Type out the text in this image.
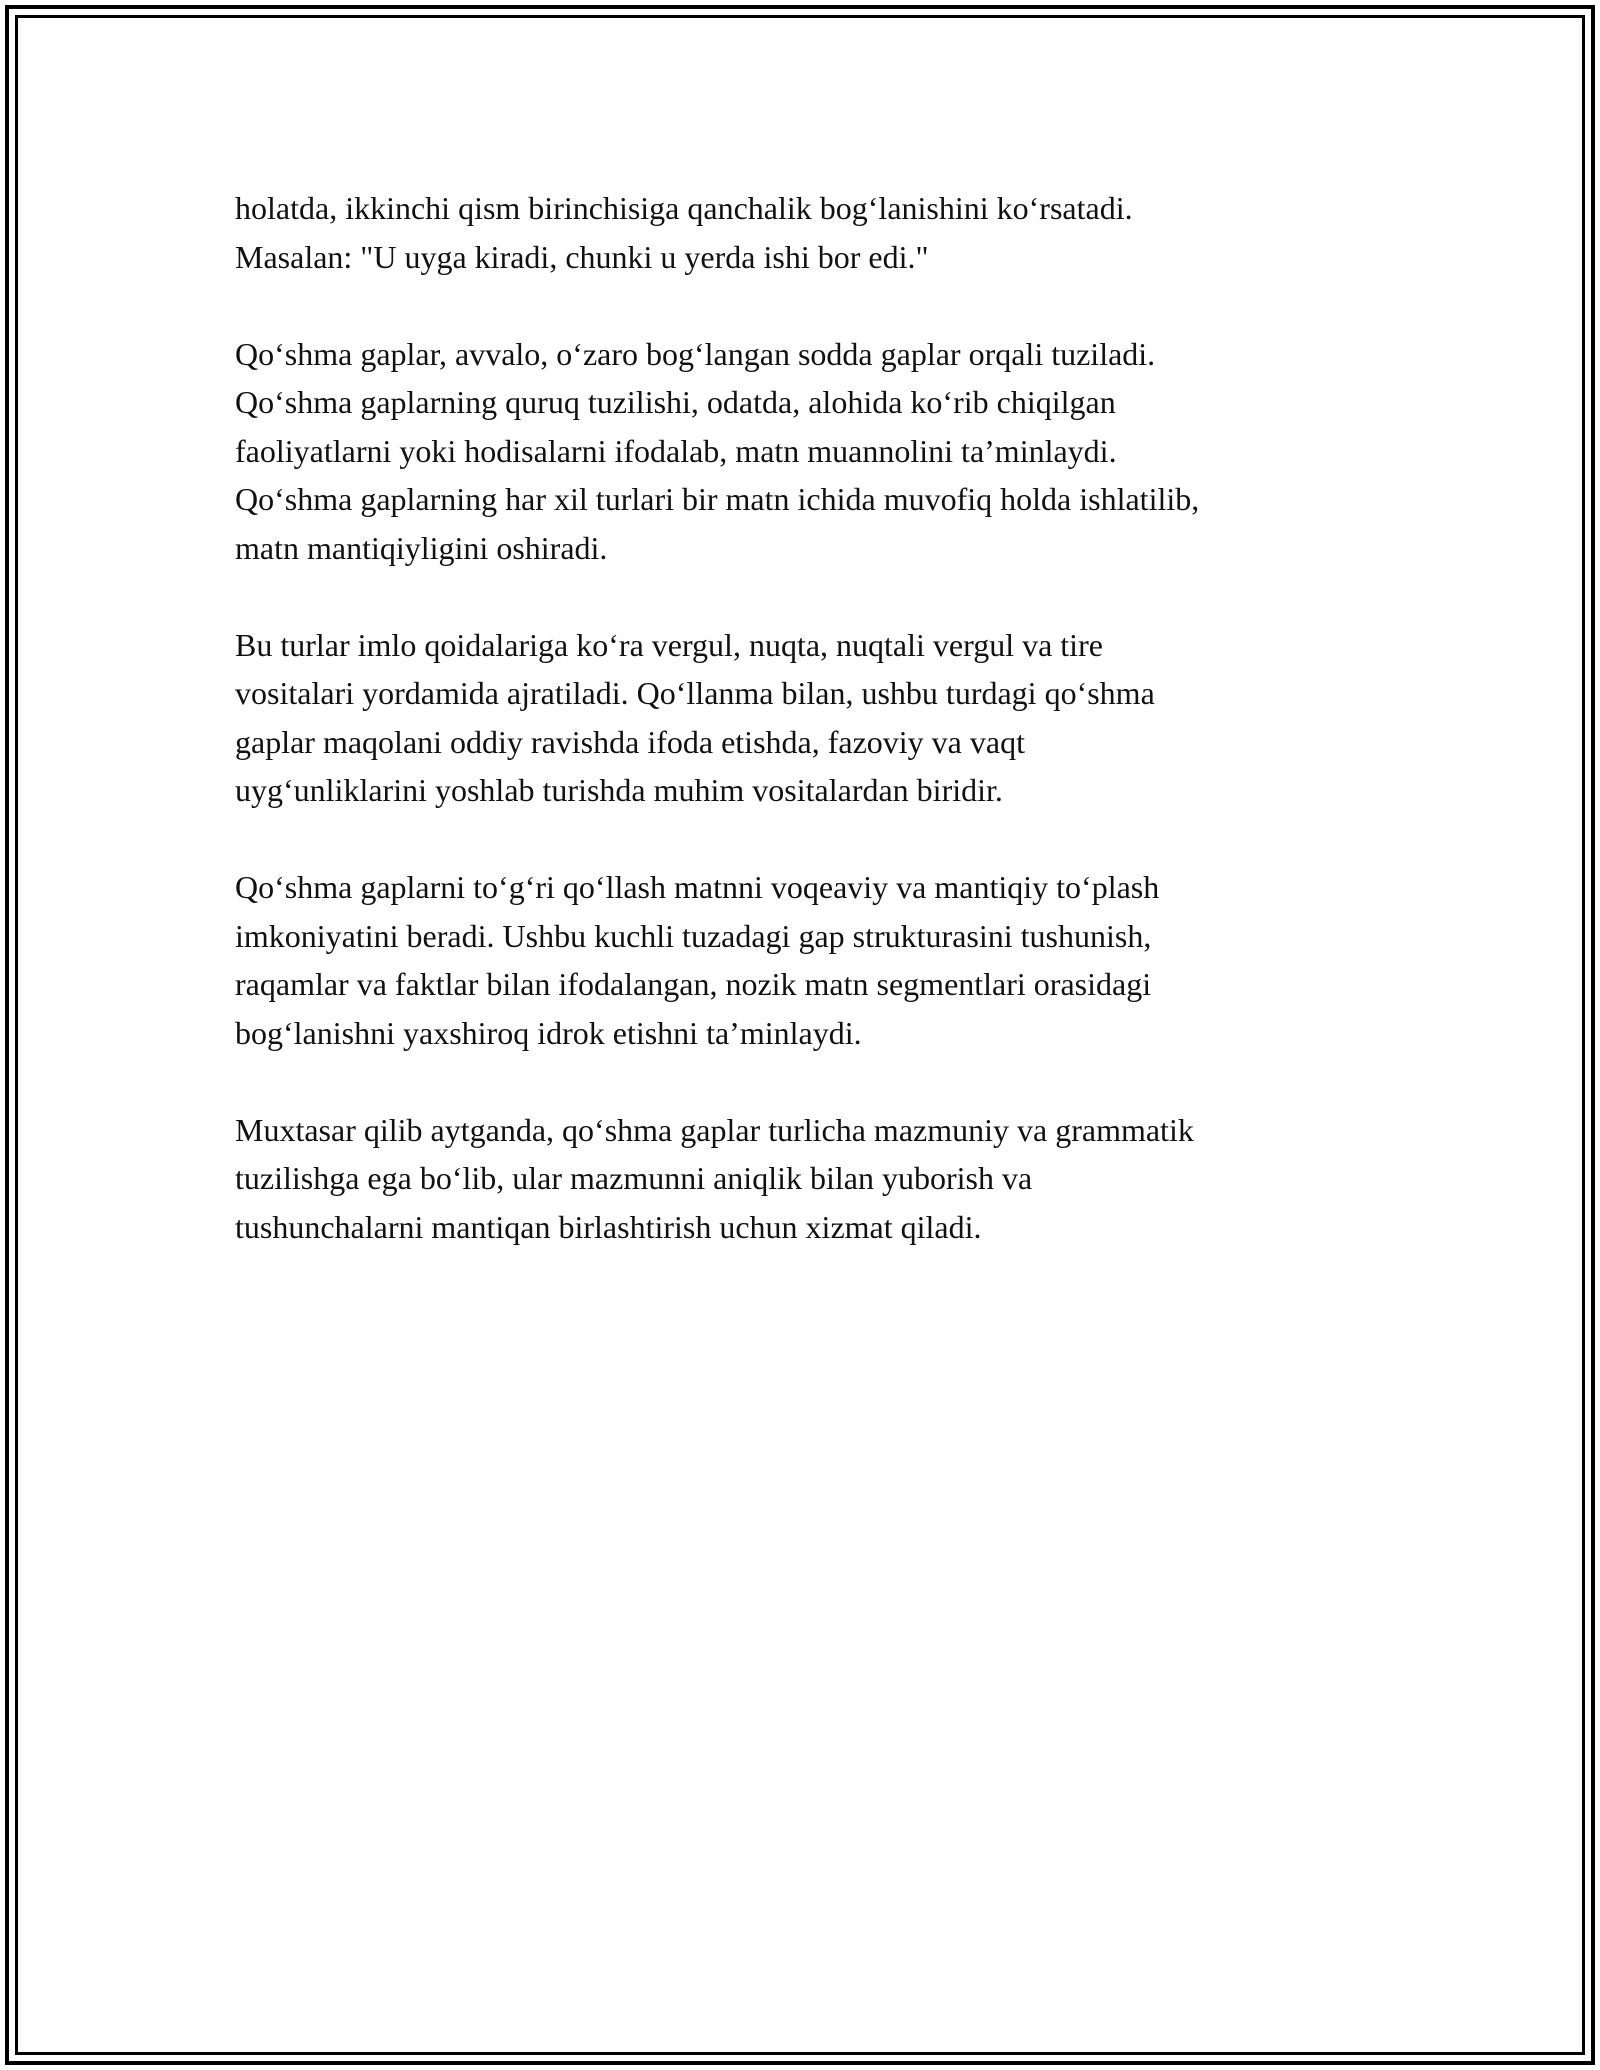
holatda, ikkinchi qism birinchisiga qanchalik bog‘lanishini ko‘rsatadi.
Masalan: "U uyga kiradi, chunki u yerda ishi bor edi."

Qo‘shma gaplar, avvalo, o‘zaro bog‘langan sodda gaplar orqali tuziladi.
Qo‘shma gaplarning quruq tuzilishi, odatda, alohida ko‘rib chiqilgan
faoliyatlarni yoki hodisalarni ifodalab, matn muannolini ta’minlaydi.
Qo‘shma gaplarning har xil turlari bir matn ichida muvofiq holda ishlatilib,
matn mantiqiyligini oshiradi.

Bu turlar imlo qoidalariga ko‘ra vergul, nuqta, nuqtali vergul va tire
vositalari yordamida ajratiladi. Qo‘llanma bilan, ushbu turdagi qo‘shma
gaplar maqolani oddiy ravishda ifoda etishda, fazoviy va vaqt
uyg‘unliklarini yoshlab turishda muhim vositalardan biridir.

Qo‘shma gaplarni to‘g‘ri qo‘llash matnni voqeaviy va mantiqiy to‘plash
imkoniyatini beradi. Ushbu kuchli tuzadagi gap strukturasini tushunish,
raqamlar va faktlar bilan ifodalangan, nozik matn segmentlari orasidagi
bog‘lanishni yaxshiroq idrok etishni ta’minlaydi.

Muxtasar qilib aytganda, qo‘shma gaplar turlicha mazmuniy va grammatik
tuzilishga ega bo‘lib, ular mazmunni aniqlik bilan yuborish va
tushunchalarni mantiqan birlashtirish uchun xizmat qiladi.
